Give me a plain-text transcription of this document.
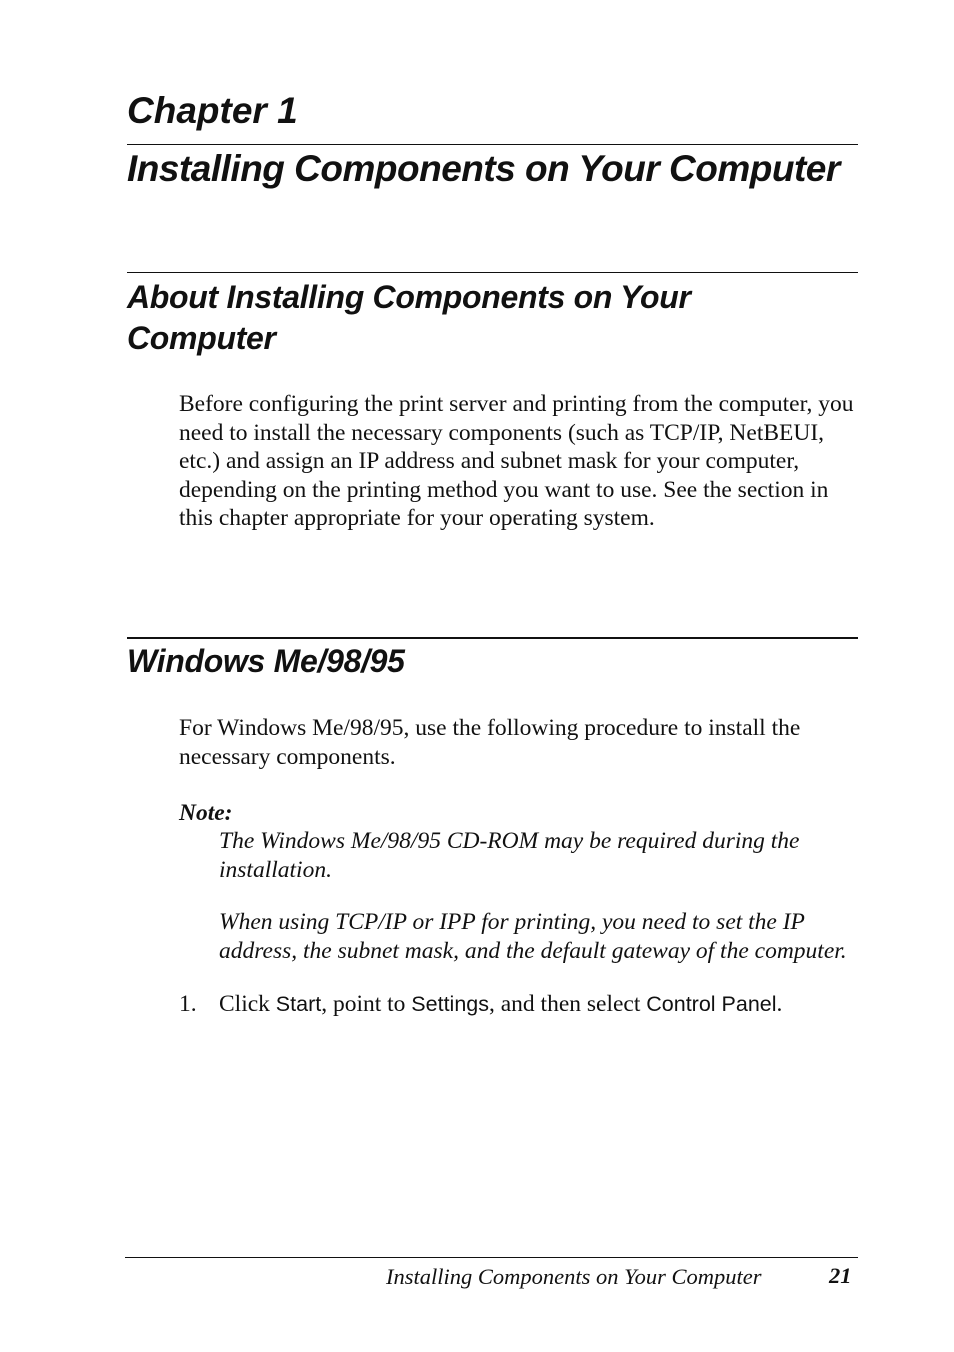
Chapter 1
Installing Components on Your Computer
About Installing Components on Your Computer
Before configuring the print server and printing from the computer, you need to install the necessary components (such as TCP/IP, NetBEUI, etc.) and assign an IP address and subnet mask for your computer, depending on the printing method you want to use. See the section in this chapter appropriate for your operating system.
Windows Me/98/95
For Windows Me/98/95, use the following procedure to install the necessary components.
Note:
The Windows Me/98/95 CD-ROM may be required during the installation.
When using TCP/IP or IPP for printing, you need to set the IP address, the subnet mask, and the default gateway of the computer.
1. Click Start, point to Settings, and then select Control Panel.
Installing Components on Your Computer	21
